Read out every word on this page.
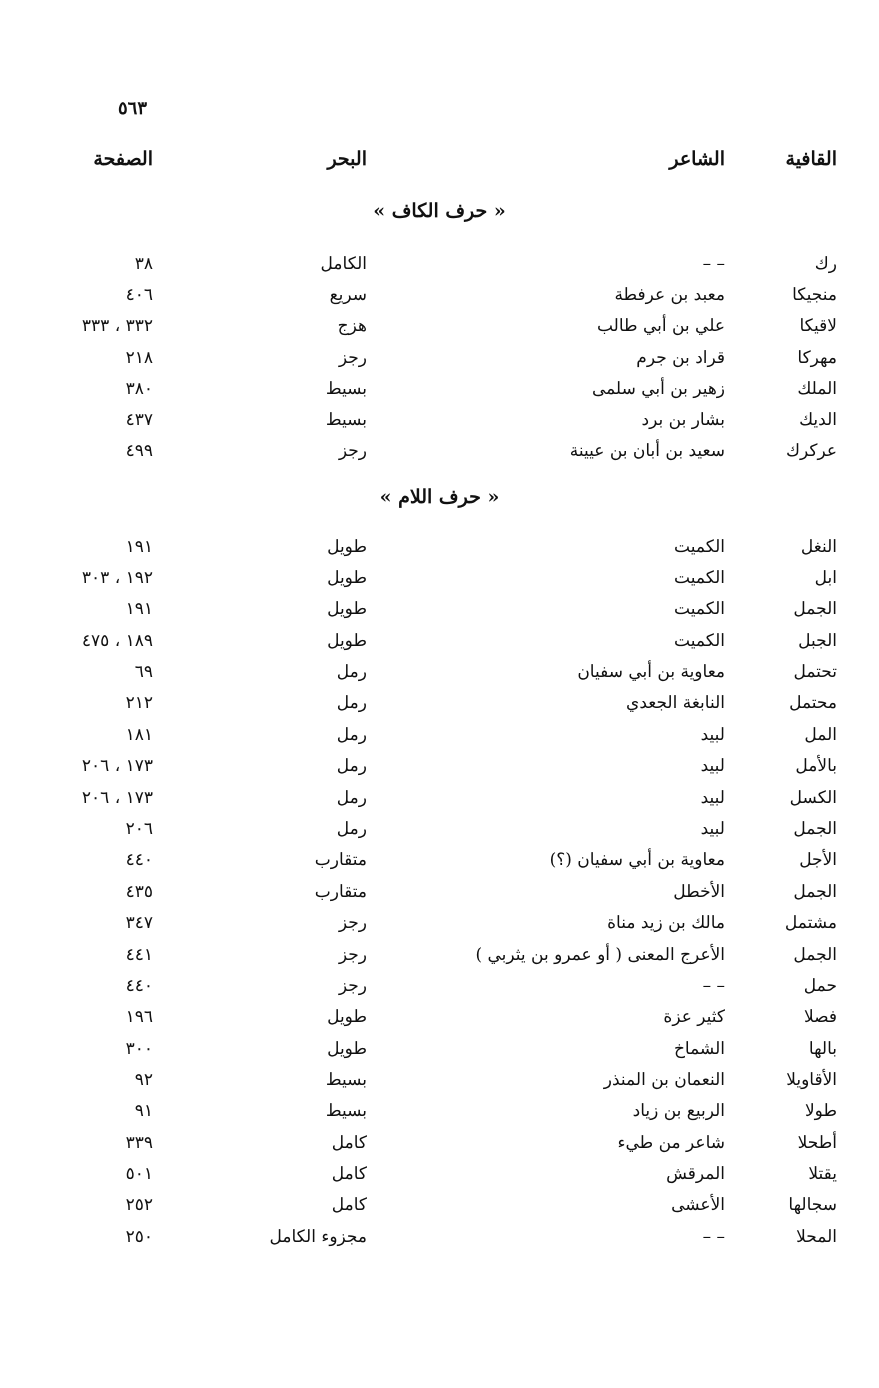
٥٦٣
القافية
الشاعر
البحر
الصفحة
« حرف الكاف »
رك
– –
الكامل
٣٨
منجيكا
معبد بن عرفطة
سريع
٤٠٦
لاقيكا
علي بن أبي طالب
هزج
٣٣٢ ، ٣٣٣
مهركا
قراد بن جرم
رجز
٢١٨
الملك
زهير بن أبي سلمى
بسيط
٣٨٠
الديك
بشار بن برد
بسيط
٤٣٧
عركرك
سعيد بن أبان بن عيينة
رجز
٤٩٩
« حرف اللام »
النغل
الكميت
طويل
١٩١
ابل
الكميت
طويل
١٩٢ ، ٣٠٣
الجمل
الكميت
طويل
١٩١
الجبل
الكميت
طويل
١٨٩ ، ٤٧٥
تحتمل
معاوية بن أبي سفيان
رمل
٦٩
محتمل
النابغة الجعدي
رمل
٢١٢
المل
لبيد
رمل
١٨١
بالأمل
لبيد
رمل
١٧٣ ، ٢٠٦
الكسل
لبيد
رمل
١٧٣ ، ٢٠٦
الجمل
لبيد
رمل
٢٠٦
الأجل
معاوية بن أبي سفيان (؟)
متقارب
٤٤٠
الجمل
الأخطل
متقارب
٤٣٥
مشتمل
مالك بن زيد مناة
رجز
٣٤٧
الجمل
الأعرج المعنى ( أو عمرو بن يثربي )
رجز
٤٤١
حمل
– –
رجز
٤٤٠
فصلا
كثير عزة
طويل
١٩٦
بالها
الشماخ
طويل
٣٠٠
الأقاويلا
النعمان بن المنذر
بسيط
٩٢
طولا
الربيع بن زياد
بسيط
٩١
أطحلا
شاعر من طيء
كامل
٣٣٩
يقتلا
المرقش
كامل
٥٠١
سجالها
الأعشى
كامل
٢٥٢
المحلا
– –
مجزوء الكامل
٢٥٠
